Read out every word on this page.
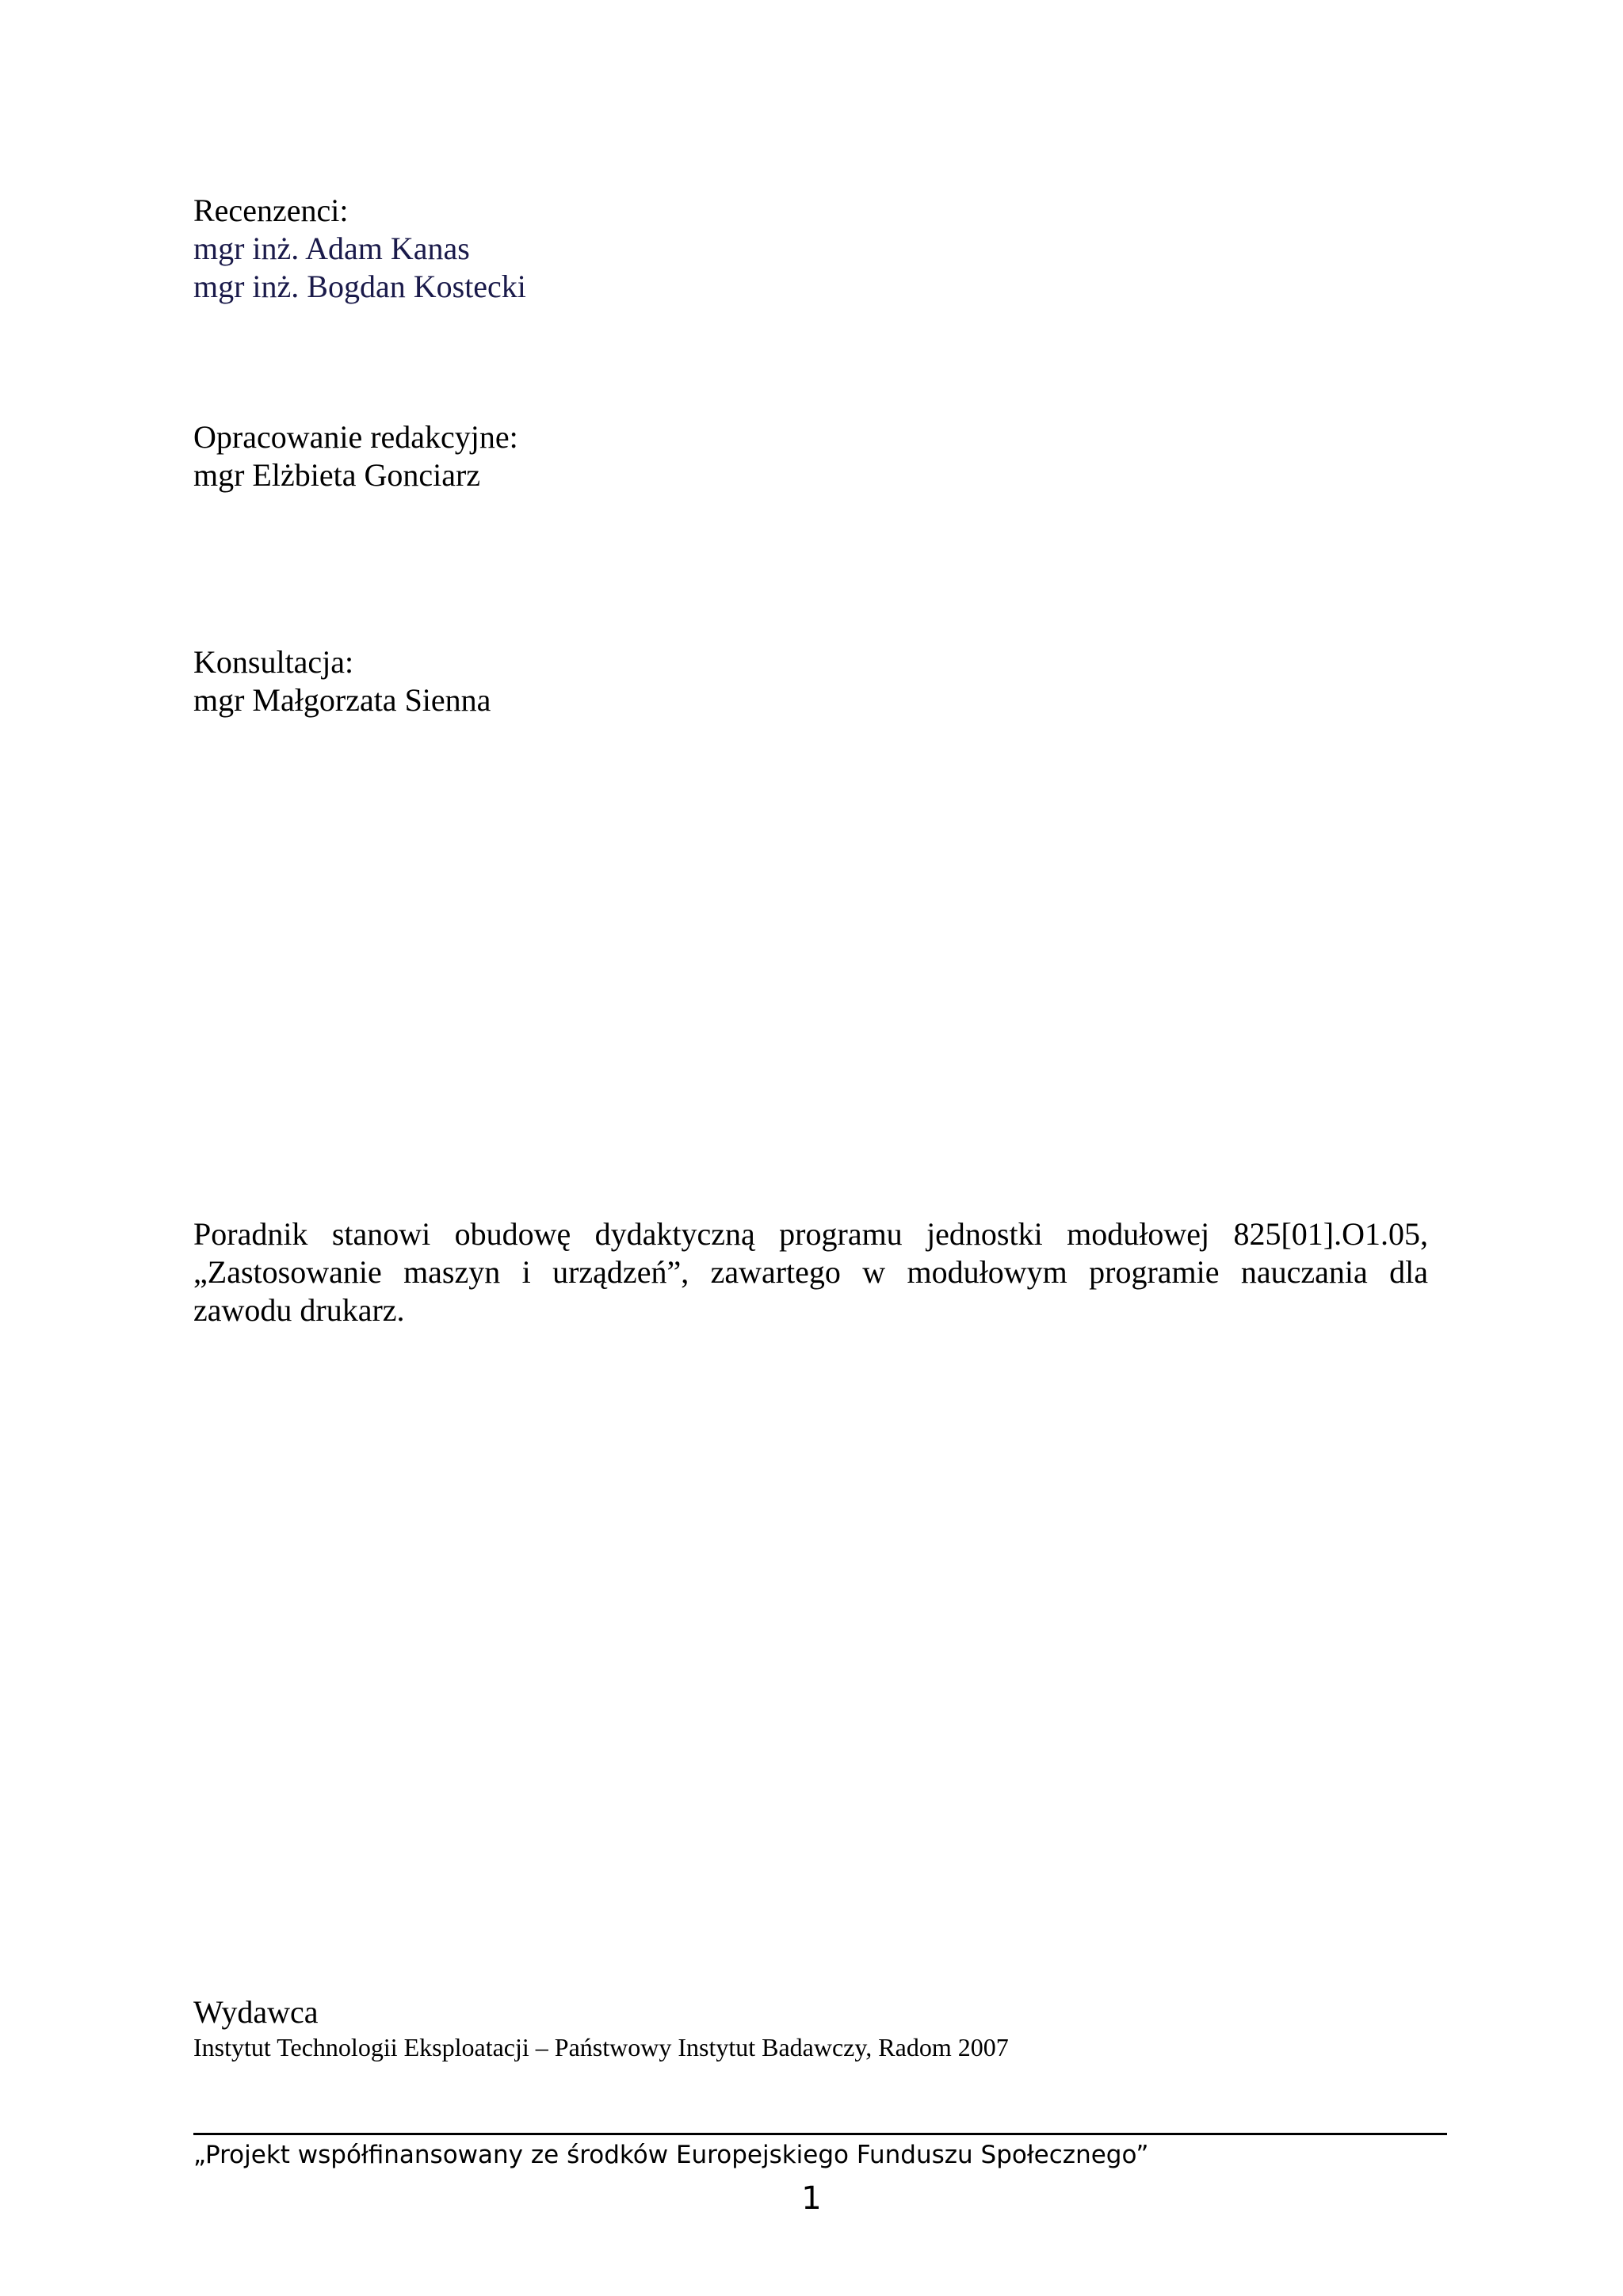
Recenzenci:
mgr inż. Adam Kanas
mgr inż. Bogdan Kostecki
Opracowanie redakcyjne:
mgr Elżbieta Gonciarz
Konsultacja:
mgr Małgorzata Sienna
Poradnik stanowi obudowę dydaktyczną programu jednostki modułowej 825[01].O1.05,
„Zastosowanie maszyn i urządzeń”, zawartego w modułowym programie nauczania dla
zawodu drukarz.
Wydawca
Instytut Technologii Eksploatacji – Państwowy Instytut Badawczy, Radom 2007
„Projekt współfinansowany ze środków Europejskiego Funduszu Społecznego”
1
